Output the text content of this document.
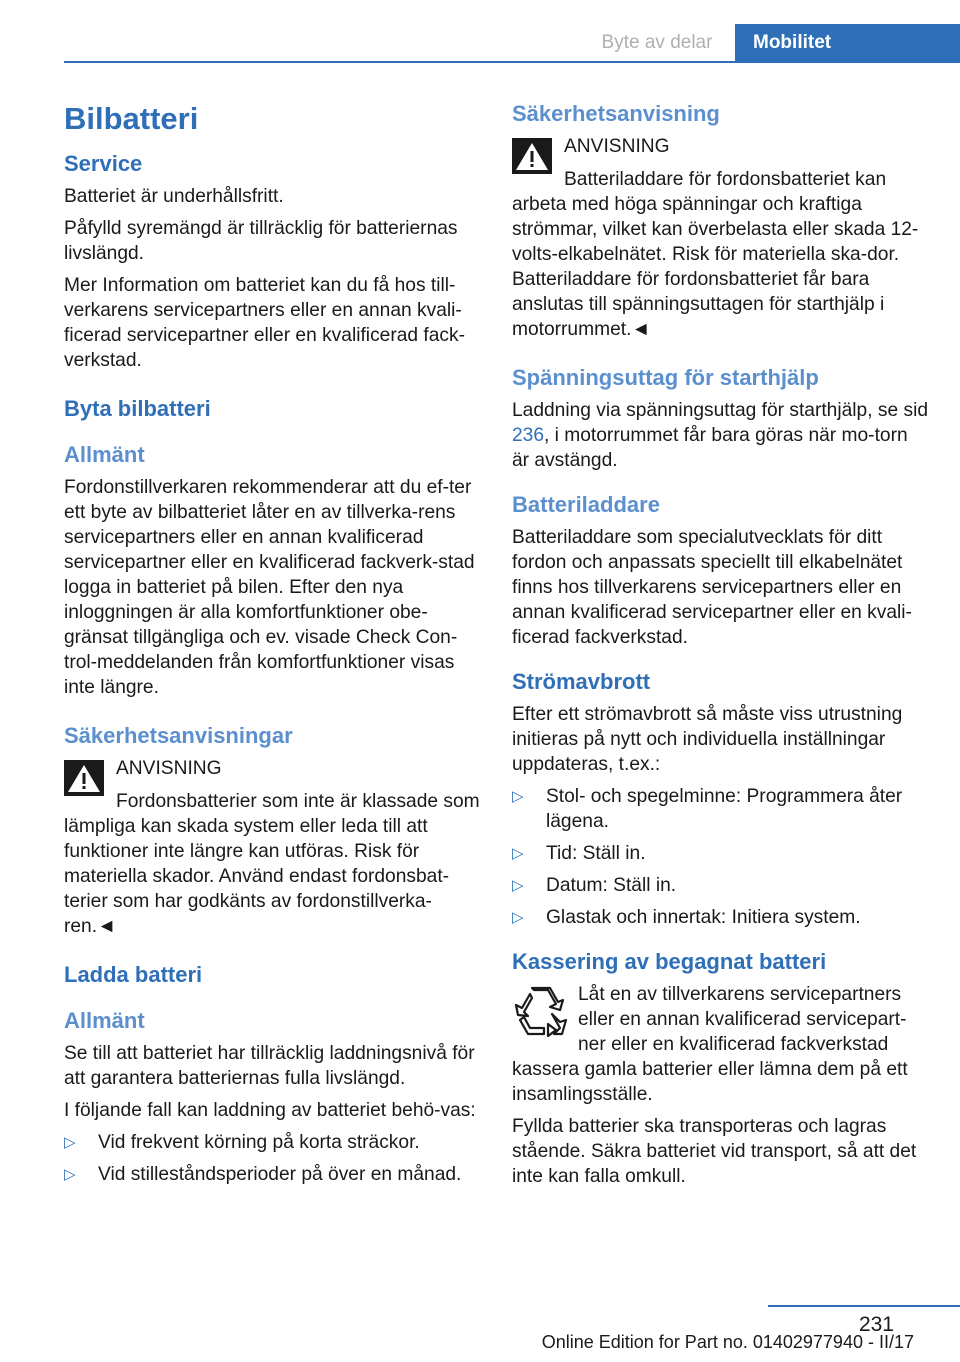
Byte av delar	Mobilitet
Bilbatteri
Service

Batteriet är underhållsfritt.

Påfylld syremängd är tillräcklig för batteriernas livslängd.

Mer Information om batteriet kan du få hos till‐verkarens servicepartners eller en annan kvali‐ficerad servicepartner eller en kvalificerad fack‐verkstad.

Byta bilbatteri
Allmänt

Fordonstillverkaren rekommenderar att du ef‐ter ett byte av bilbatteriet låter en av tillverka‐rens servicepartners eller en annan kvalificerad servicepartner eller en kvalificerad fackverk‐stad logga in batteriet på bilen. Efter den nya inloggningen är alla komfortfunktioner obe‐gränsat tillgängliga och ev. visade Check Con‐trol-meddelanden från komfortfunktioner visas inte längre.

Säkerhetsanvisningar

ANVISNING

Fordonsbatterier som inte är klassade som lämpliga kan skada system eller leda till att funktioner inte längre kan utföras. Risk för materiella skador. Använd endast fordonsbat‐terier som har godkänts av fordonstillverka‐ren.◄

Ladda batteri
Allmänt

Se till att batteriet har tillräcklig laddningsnivå för att garantera batteriernas fulla livslängd.

I följande fall kan laddning av batteriet behö‐vas:

▷ Vid frekvent körning på korta sträckor.
▷ Vid stilleståndsperioder på över en månad.
Säkerhetsanvisning

ANVISNING

Batteriladdare för fordonsbatteriet kan arbeta med höga spänningar och kraftiga strömmar, vilket kan överbelasta eller skada 12-volts-elkabelnätet. Risk för materiella ska‐dor. Batteriladdare för fordonsbatteriet får bara anslutas till spänningsuttagen för starthjälp i motorrummet.◄

Spänningsuttag för starthjälp

Laddning via spänningsuttag för starthjälp, se sid 236, i motorrummet får bara göras när mo‐torn är avstängd.

Batteriladdare

Batteriladdare som specialutvecklats för ditt fordon och anpassats speciellt till elkabelnätet finns hos tillverkarens servicepartners eller en annan kvalificerad servicepartner eller en kvali‐ficerad fackverkstad.

Strömavbrott

Efter ett strömavbrott så måste viss utrustning initieras på nytt och individuella inställningar uppdateras, t.ex.:

▷ Stol- och spegelminne: Programmera åter lägena.
▷ Tid: Ställ in.
▷ Datum: Ställ in.
▷ Glastak och innertak: Initiera system.
Kassering av begagnat batteri

Låt en av tillverkarens servicepartners
eller en annan kvalificerad servicepart‐
ner eller en kvalificerad fackverkstad
kassera gamla batterier eller lämna dem på ett insamlingsställe.

Fyllda batterier ska transporteras och lagras stående. Säkra batteriet vid transport, så att det inte kan falla omkull.

231
Online Edition for Part no. 01402977940 - II/17
